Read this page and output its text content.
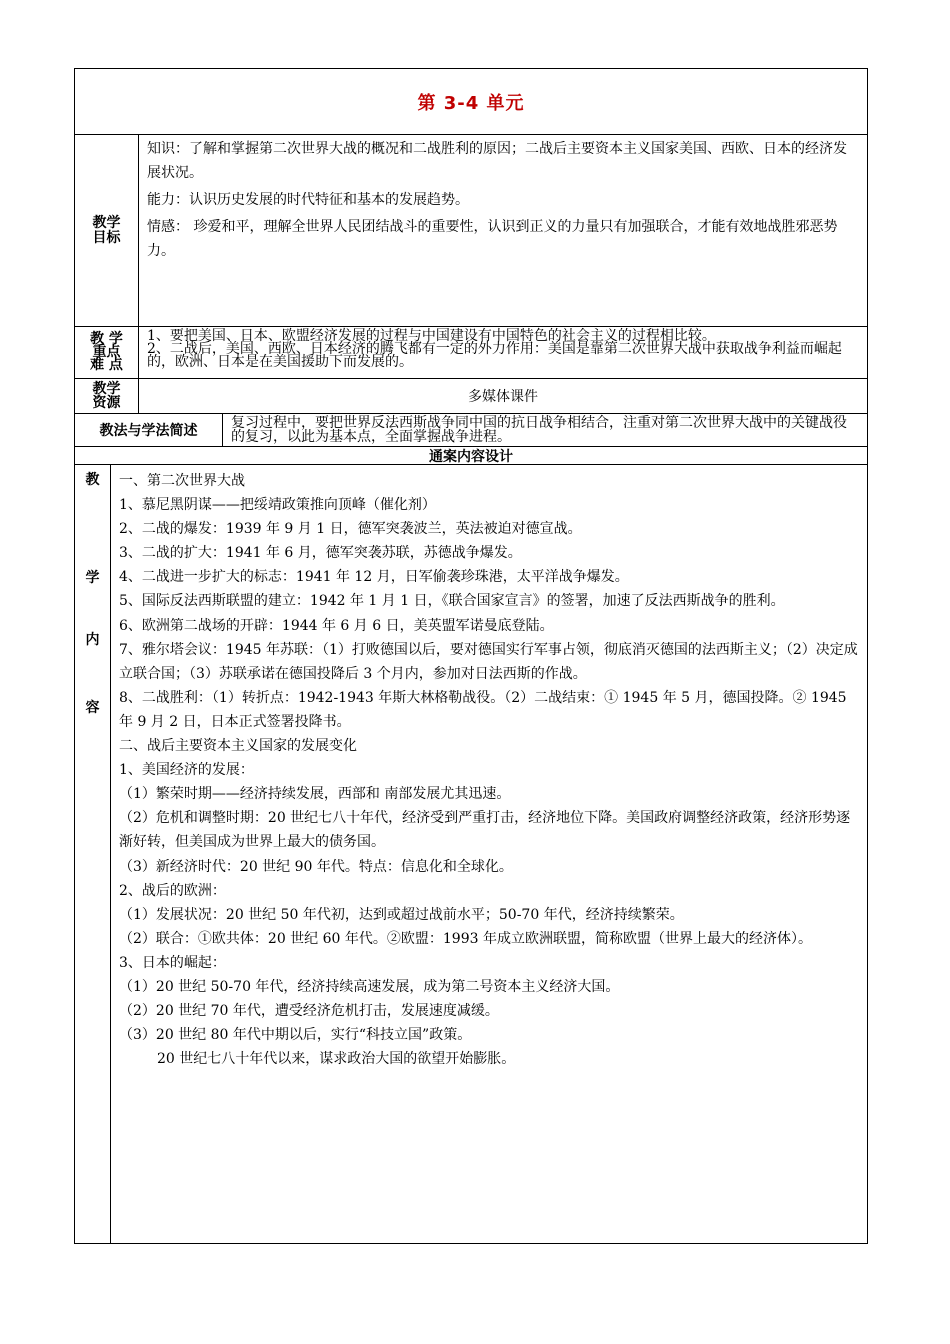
第 3-4 单元
教学目标

知识：了解和掌握第二次世界大战的概况和二战胜利的原因；二战后主要资本主义国家美国、西欧、日本的经济发展状况。

能力：认识历史发展的时代特征和基本的发展趋势。

情感： 珍爱和平，理解全世界人民团结战斗的重要性，认识到正义的力量只有加强联合，才能有效地战胜邪恶势力。

教 学 重点 难 点

1、要把美国、日本、欧盟经济发展的过程与中国建设有中国特色的社会主义的过程相比较。

2、二战后，美国、西欧、日本经济的腾飞都有一定的外力作用：美国是靠第二次世界大战中获取战争利益而崛起的，欧洲、日本是在美国援助下而发展的。

教学资源	多媒体课件
教法与学法简述	复习过程中，要把世界反法西斯战争同中国的抗日战争相结合，注重对第二次世界大战中的关键战役的复习，以此为基本点，全面掌握战争进程。

通案内容设计
教
学
内
容

一、第二次世界大战

1、慕尼黑阴谋——把绥靖政策推向顶峰（催化剂）

2、二战的爆发：1939 年 9 月 1 日，德军突袭波兰，英法被迫对德宣战。

3、二战的扩大：1941 年 6 月，德军突袭苏联，苏德战争爆发。

4、二战进一步扩大的标志：1941 年 12 月，日军偷袭珍珠港，太平洋战争爆发。

5、国际反法西斯联盟的建立：1942 年 1 月 1 日，《联合国家宣言》的签署，加速了反法西斯战争的胜利。

6、欧洲第二战场的开辟：1944 年 6 月 6 日，美英盟军诺曼底登陆。

7、雅尔塔会议：1945 年苏联：（1）打败德国以后，要对德国实行军事占领，彻底消灭德国的法西斯主义；（2）决定成立联合国；（3）苏联承诺在德国投降后 3 个月内，参加对日法西斯的作战。

8、二战胜利：（1）转折点：1942-1943 年斯大林格勒战役。（2）二战结束：① 1945 年 5 月，德国投降。② 1945 年 9 月 2 日，日本正式签署投降书。

二、战后主要资本主义国家的发展变化

1、美国经济的发展：

（1）繁荣时期——经济持续发展，西部和 南部发展尤其迅速。

（2）危机和调整时期：20 世纪七八十年代，经济受到严重打击，经济地位下降。美国政府调整经济政策，经济形势逐渐好转，但美国成为世界上最大的债务国。

（3）新经济时代：20 世纪 90 年代。特点：信息化和全球化。

2、战后的欧洲：

（1）发展状况：20 世纪 50 年代初，达到或超过战前水平；50-70 年代，经济持续繁荣。

（2）联合：①欧共体：20 世纪 60 年代。②欧盟：1993 年成立欧洲联盟，简称欧盟（世界上最大的经济体）。

3、日本的崛起：

（1）20 世纪 50-70 年代，经济持续高速发展，成为第二号资本主义经济大国。

（2）20 世纪 70 年代，遭受经济危机打击，发展速度减缓。

（3）20 世纪 80 年代中期以后，实行“科技立国”政策。

20 世纪七八十年代以来，谋求政治大国的欲望开始膨胀。
